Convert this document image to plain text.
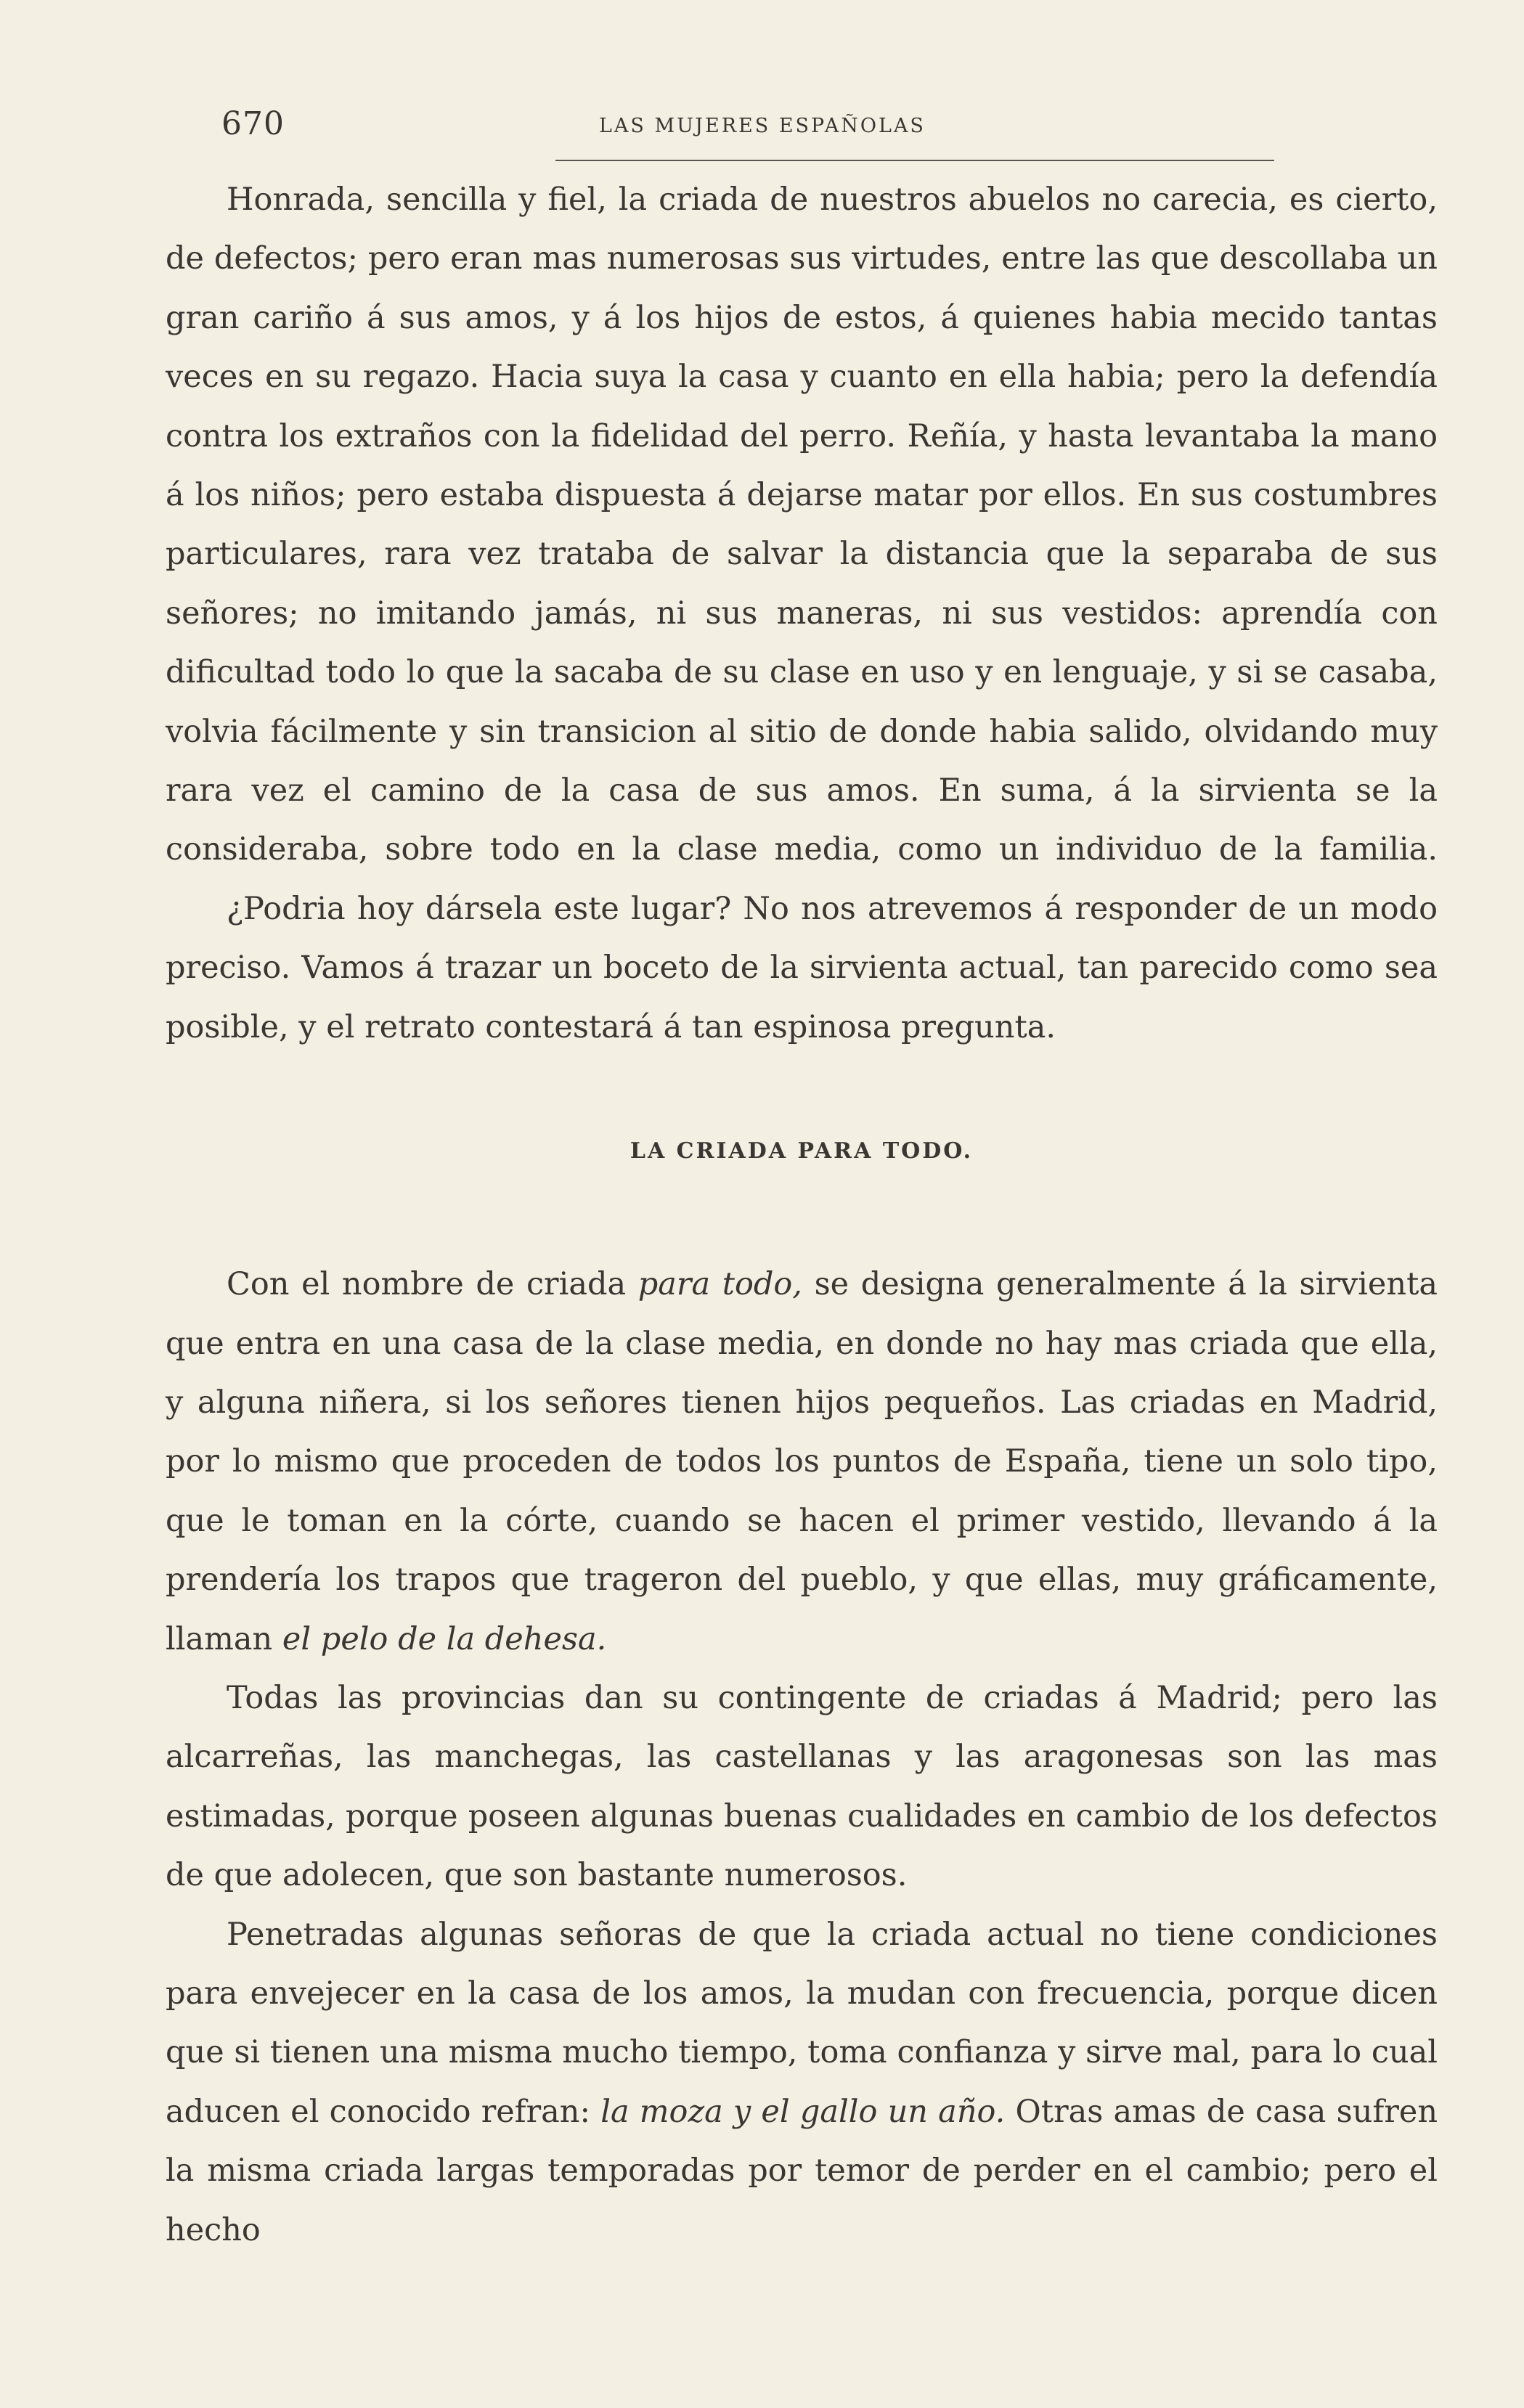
670	LAS MUJERES ESPAÑOLAS

Honrada, sencilla y fiel, la criada de nuestros abuelos no carecia, es cierto, de defectos; pero eran mas numerosas sus virtudes, entre las que descollaba un gran cariño á sus amos, y á los hijos de estos, á quienes habia mecido tantas veces en su regazo. Hacia suya la casa y cuanto en ella habia; pero la defendía contra los extraños con la fidelidad del perro. Reñía, y hasta levantaba la mano á los niños; pero estaba dispuesta á dejarse matar por ellos. En sus costumbres particulares, rara vez trataba de salvar la distancia que la separaba de sus señores; no imitando jamás, ni sus maneras, ni sus vestidos: aprendía con dificultad todo lo que la sacaba de su clase en uso y en lenguaje, y si se casaba, volvia fácilmente y sin transicion al sitio de donde habia salido, olvidando muy rara vez el camino de la casa de sus amos. En suma, á la sirvienta se la consideraba, sobre todo en la clase media, como un individuo de la familia.

¿Podria hoy dársela este lugar? No nos atrevemos á responder de un modo preciso. Vamos á trazar un boceto de la sirvienta actual, tan parecido como sea posible, y el retrato contestará á tan espinosa pregunta.

LA CRIADA PARA TODO.

Con el nombre de criada para todo, se designa generalmente á la sirvienta que entra en una casa de la clase media, en donde no hay mas criada que ella, y alguna niñera, si los señores tienen hijos pequeños. Las criadas en Madrid, por lo mismo que proceden de todos los puntos de España, tiene un solo tipo, que le toman en la córte, cuando se hacen el primer vestido, llevando á la prendería los trapos que trageron del pueblo, y que ellas, muy gráficamente, llaman el pelo de la dehesa.

Todas las provincias dan su contingente de criadas á Madrid; pero las alcarreñas, las manchegas, las castellanas y las aragonesas son las mas estimadas, porque poseen algunas buenas cualidades en cambio de los defectos de que adolecen, que son bastante numerosos.

Penetradas algunas señoras de que la criada actual no tiene condiciones para envejecer en la casa de los amos, la mudan con frecuencia, porque dicen que si tienen una misma mucho tiempo, toma confianza y sirve mal, para lo cual aducen el conocido refran: la moza y el gallo un año. Otras amas de casa sufren la misma criada largas temporadas por temor de perder en el cambio; pero el hecho
